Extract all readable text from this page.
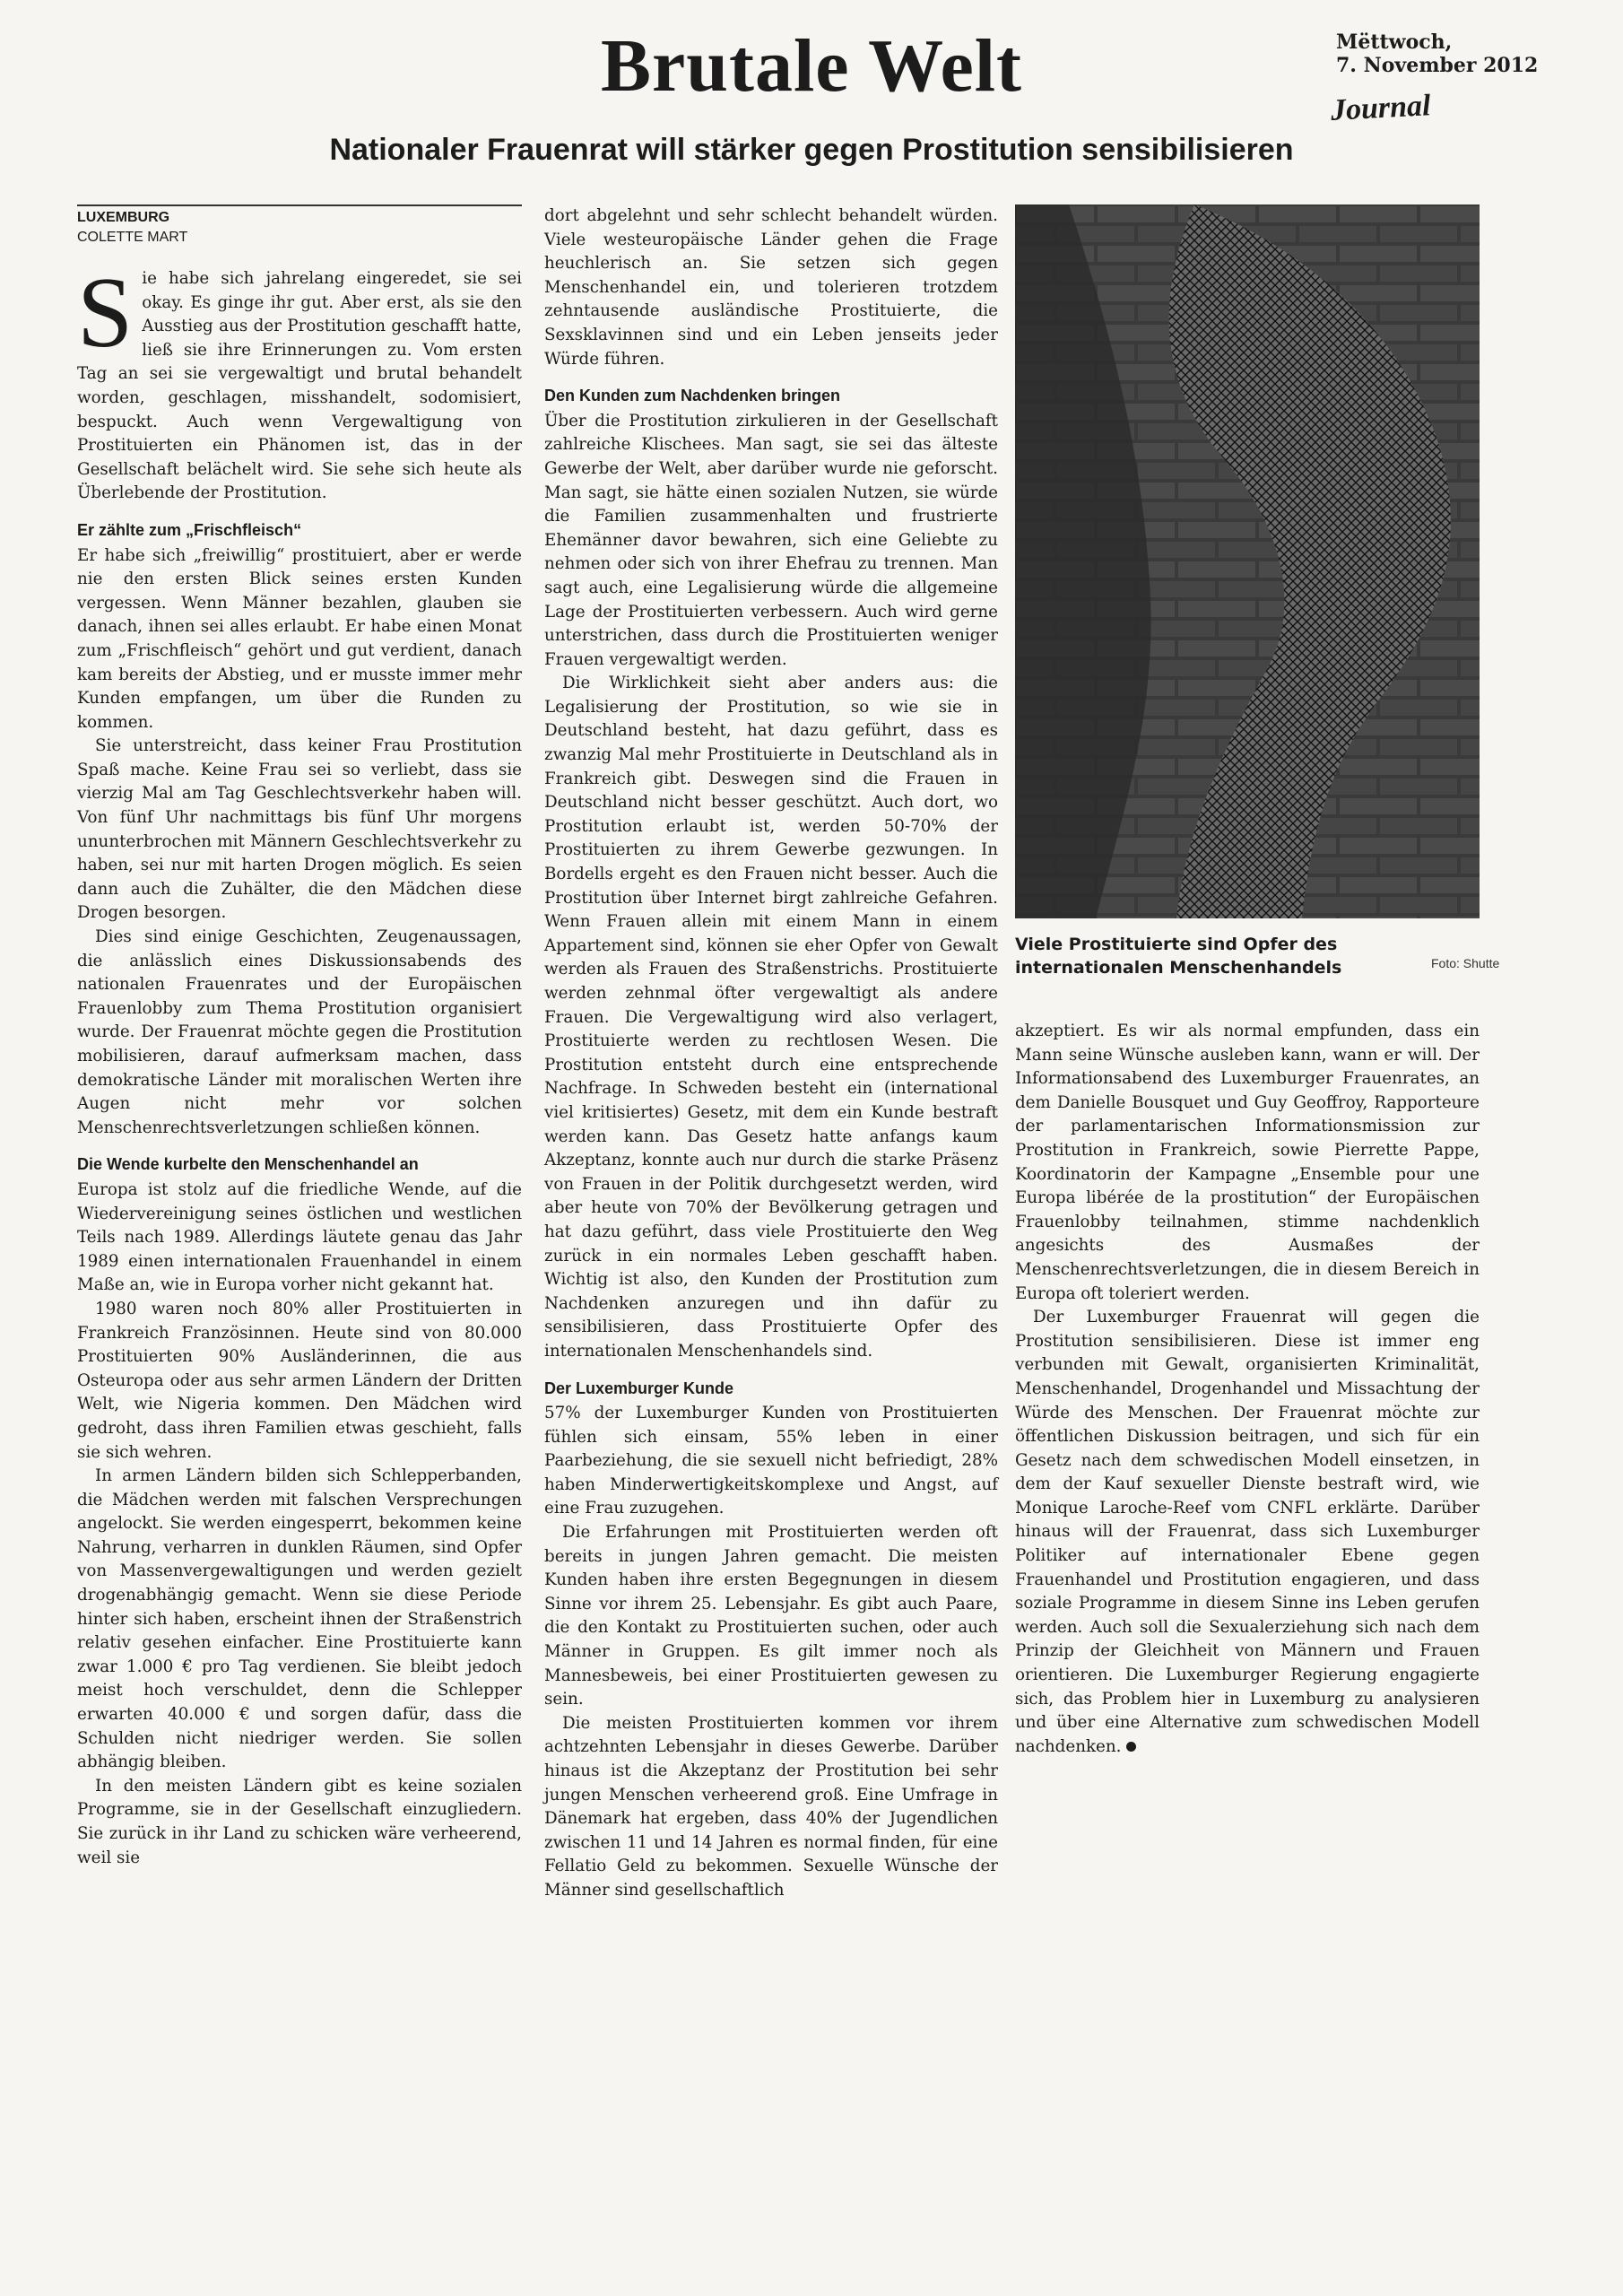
Brutale Welt	Mëttwoch,
7. November 2012
Journal
Nationaler Frauenrat will stärker gegen Prostitution sensibilisieren
LUXEMBURG
COLETTE MART

Sie habe sich jahrelang eingeredet, sie sei okay. Es ginge ihr gut. Aber erst, als sie den Ausstieg aus der Prostitution geschafft hatte, ließ sie ihre Erinnerungen zu. Vom ersten Tag an sei sie vergewaltigt und brutal behandelt worden, geschlagen, misshandelt, sodomisiert, bespuckt. Auch wenn Vergewaltigung von Prostituierten ein Phänomen ist, das in der Gesellschaft belächelt wird. Sie sehe sich heute als Überlebende der Prostitution.

Er zählte zum „Frischfleisch“

Er habe sich „freiwillig“ prostituiert, aber er werde nie den ersten Blick seines ersten Kunden vergessen. Wenn Männer bezahlen, glauben sie danach, ihnen sei alles erlaubt. Er habe einen Monat zum „Frischfleisch“ gehört und gut verdient, danach kam bereits der Abstieg, und er musste immer mehr Kunden empfangen, um über die Runden zu kommen.

Sie unterstreicht, dass keiner Frau Prostitution Spaß mache. Keine Frau sei so verliebt, dass sie vierzig Mal am Tag Geschlechtsverkehr haben will. Von fünf Uhr nachmittags bis fünf Uhr morgens ununterbrochen mit Männern Geschlechtsverkehr zu haben, sei nur mit harten Drogen möglich. Es seien dann auch die Zuhälter, die den Mädchen diese Drogen besorgen.

Dies sind einige Geschichten, Zeugenaussagen, die anlässlich eines Diskussionsabends des nationalen Frauenrates und der Europäischen Frauenlobby zum Thema Prostitution organisiert wurde. Der Frauenrat möchte gegen die Prostitution mobilisieren, darauf aufmerksam machen, dass demokratische Länder mit moralischen Werten ihre Augen nicht mehr vor solchen Menschenrechtsverletzungen schließen können.

Die Wende kurbelte den Menschenhandel an

Europa ist stolz auf die friedliche Wende, auf die Wiedervereinigung seines östlichen und westlichen Teils nach 1989. Allerdings läutete genau das Jahr 1989 einen internationalen Frauenhandel in einem Maße an, wie in Europa vorher nicht gekannt hat.

1980 waren noch 80% aller Prostituierten in Frankreich Französinnen. Heute sind von 80.000 Prostituierten 90% Ausländerinnen, die aus Osteuropa oder aus sehr armen Ländern der Dritten Welt, wie Nigeria kommen. Den Mädchen wird gedroht, dass ihren Familien etwas geschieht, falls sie sich wehren.

In armen Ländern bilden sich Schlepperbanden, die Mädchen werden mit falschen Versprechungen angelockt. Sie werden eingesperrt, bekommen keine Nahrung, verharren in dunklen Räumen, sind Opfer von Massenvergewaltigungen und werden gezielt drogenabhängig gemacht. Wenn sie diese Periode hinter sich haben, erscheint ihnen der Straßenstrich relativ gesehen einfacher. Eine Prostituierte kann zwar 1.000 € pro Tag verdienen. Sie bleibt jedoch meist hoch verschuldet, denn die Schlepper erwarten 40.000 € und sorgen dafür, dass die Schulden nicht niedriger werden. Sie sollen abhängig bleiben.

In den meisten Ländern gibt es keine sozialen Programme, sie in der Gesellschaft einzugliedern. Sie zurück in ihr Land zu schicken wäre verheerend, weil sie

dort abgelehnt und sehr schlecht behandelt würden. Viele westeuropäische Länder gehen die Frage heuchlerisch an. Sie setzen sich gegen Menschenhandel ein, und tolerieren trotzdem zehntausende ausländische Prostituierte, die Sexsklavinnen sind und ein Leben jenseits jeder Würde führen.

Den Kunden zum Nachdenken bringen

Über die Prostitution zirkulieren in der Gesellschaft zahlreiche Klischees. Man sagt, sie sei das älteste Gewerbe der Welt, aber darüber wurde nie geforscht. Man sagt, sie hätte einen sozialen Nutzen, sie würde die Familien zusammenhalten und frustrierte Ehemänner davor bewahren, sich eine Geliebte zu nehmen oder sich von ihrer Ehefrau zu trennen. Man sagt auch, eine Legalisierung würde die allgemeine Lage der Prostituierten verbessern. Auch wird gerne unterstrichen, dass durch die Prostituierten weniger Frauen vergewaltigt werden.

Die Wirklichkeit sieht aber anders aus: die Legalisierung der Prostitution, so wie sie in Deutschland besteht, hat dazu geführt, dass es zwanzig Mal mehr Prostituierte in Deutschland als in Frankreich gibt. Deswegen sind die Frauen in Deutschland nicht besser geschützt. Auch dort, wo Prostitution erlaubt ist, werden 50-70% der Prostituierten zu ihrem Gewerbe gezwungen. In Bordells ergeht es den Frauen nicht besser. Auch die Prostitution über Internet birgt zahlreiche Gefahren. Wenn Frauen allein mit einem Mann in einem Appartement sind, können sie eher Opfer von Gewalt werden als Frauen des Straßenstrichs. Prostituierte werden zehnmal öfter vergewaltigt als andere Frauen. Die Vergewaltigung wird also verlagert, Prostituierte werden zu rechtlosen Wesen. Die Prostitution entsteht durch eine entsprechende Nachfrage. In Schweden besteht ein (international viel kritisiertes) Gesetz, mit dem ein Kunde bestraft werden kann. Das Gesetz hatte anfangs kaum Akzeptanz, konnte auch nur durch die starke Präsenz von Frauen in der Politik durchgesetzt werden, wird aber heute von 70% der Bevölkerung getragen und hat dazu geführt, dass viele Prostituierte den Weg zurück in ein normales Leben geschafft haben. Wichtig ist also, den Kunden der Prostitution zum Nachdenken anzuregen und ihn dafür zu sensibilisieren, dass Prostituierte Opfer des internationalen Menschenhandels sind.

Der Luxemburger Kunde

57% der Luxemburger Kunden von Prostituierten fühlen sich einsam, 55% leben in einer Paarbeziehung, die sie sexuell nicht befriedigt, 28% haben Minderwertigkeitskomplexe und Angst, auf eine Frau zuzugehen.

Die Erfahrungen mit Prostituierten werden oft bereits in jungen Jahren gemacht. Die meisten Kunden haben ihre ersten Begegnungen in diesem Sinne vor ihrem 25. Lebensjahr. Es gibt auch Paare, die den Kontakt zu Prostituierten suchen, oder auch Männer in Gruppen. Es gilt immer noch als Mannesbeweis, bei einer Prostituierten gewesen zu sein.

Die meisten Prostituierten kommen vor ihrem achtzehnten Lebensjahr in dieses Gewerbe. Darüber hinaus ist die Akzeptanz der Prostitution bei sehr jungen Menschen verheerend groß. Eine Umfrage in Dänemark hat ergeben, dass 40% der Jugendlichen zwischen 11 und 14 Jahren es normal finden, für eine Fellatio Geld zu bekommen. Sexuelle Wünsche der Männer sind gesellschaftlich

Viele Prostituierte sind Opfer des internationalen Menschenhandels	Foto: Shutte

akzeptiert. Es wir als normal empfunden, dass ein Mann seine Wünsche ausleben kann, wann er will. Der Informationsabend des Luxemburger Frauenrates, an dem Danielle Bousquet und Guy Geoffroy, Rapporteure der parlamentarischen Informationsmission zur Prostitution in Frankreich, sowie Pierrette Pappe, Koordinatorin der Kampagne „Ensemble pour une Europa libérée de la prostitution“ der Europäischen Frauenlobby teilnahmen, stimme nachdenklich angesichts des Ausmaßes der Menschenrechtsverletzungen, die in diesem Bereich in Europa oft toleriert werden.

Der Luxemburger Frauenrat will gegen die Prostitution sensibilisieren. Diese ist immer eng verbunden mit Gewalt, organisierten Kriminalität, Menschenhandel, Drogenhandel und Missachtung der Würde des Menschen. Der Frauenrat möchte zur öffentlichen Diskussion beitragen, und sich für ein Gesetz nach dem schwedischen Modell einsetzen, in dem der Kauf sexueller Dienste bestraft wird, wie Monique Laroche-Reef vom CNFL erklärte. Darüber hinaus will der Frauenrat, dass sich Luxemburger Politiker auf internationaler Ebene gegen Frauenhandel und Prostitution engagieren, und dass soziale Programme in diesem Sinne ins Leben gerufen werden. Auch soll die Sexualerziehung sich nach dem Prinzip der Gleichheit von Männern und Frauen orientieren. Die Luxemburger Regierung engagierte sich, das Problem hier in Luxemburg zu analysieren und über eine Alternative zum schwedischen Modell nachdenken.
